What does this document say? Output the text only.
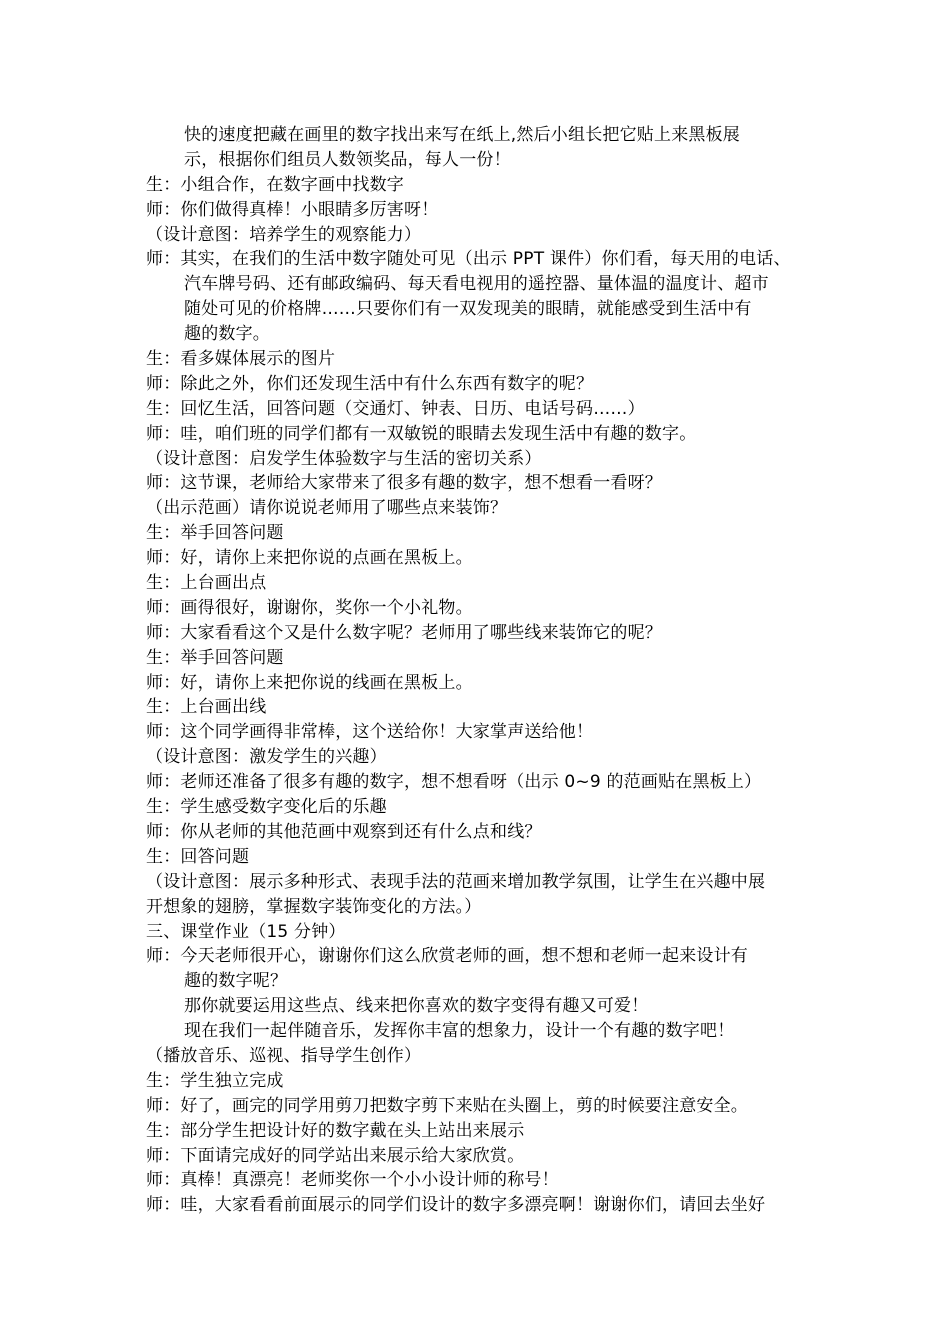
快的速度把藏在画里的数字找出来写在纸上,然后小组长把它贴上来黑板展
示，根据你们组员人数领奖品，每人一份！
生：小组合作，在数字画中找数字
师：你们做得真棒！小眼睛多厉害呀！
（设计意图：培养学生的观察能力）
师：其实，在我们的生活中数字随处可见（出示 PPT 课件）你们看，每天用的电话、
汽车牌号码、还有邮政编码、每天看电视用的遥控器、量体温的温度计、超市
随处可见的价格牌……只要你们有一双发现美的眼睛，就能感受到生活中有
趣的数字。
生：看多媒体展示的图片
师：除此之外，你们还发现生活中有什么东西有数字的呢？
生：回忆生活，回答问题（交通灯、钟表、日历、电话号码……）
师：哇，咱们班的同学们都有一双敏锐的眼睛去发现生活中有趣的数字。
（设计意图：启发学生体验数字与生活的密切关系）
师：这节课，老师给大家带来了很多有趣的数字，想不想看一看呀？
（出示范画）请你说说老师用了哪些点来装饰？
生：举手回答问题
师：好，请你上来把你说的点画在黑板上。
生：上台画出点
师：画得很好，谢谢你，奖你一个小礼物。
师：大家看看这个又是什么数字呢？老师用了哪些线来装饰它的呢？
生：举手回答问题
师：好，请你上来把你说的线画在黑板上。
生：上台画出线
师：这个同学画得非常棒，这个送给你！大家掌声送给他！
（设计意图：激发学生的兴趣）
师：老师还准备了很多有趣的数字，想不想看呀（出示 0~9 的范画贴在黑板上）
生：学生感受数字变化后的乐趣
师：你从老师的其他范画中观察到还有什么点和线？
生：回答问题
（设计意图：展示多种形式、表现手法的范画来增加教学氛围，让学生在兴趣中展
开想象的翅膀，掌握数字装饰变化的方法。）
三、课堂作业（15 分钟）
师：今天老师很开心，谢谢你们这么欣赏老师的画，想不想和老师一起来设计有
趣的数字呢？
那你就要运用这些点、线来把你喜欢的数字变得有趣又可爱！
现在我们一起伴随音乐，发挥你丰富的想象力，设计一个有趣的数字吧！
（播放音乐、巡视、指导学生创作）
生：学生独立完成
师：好了，画完的同学用剪刀把数字剪下来贴在头圈上，剪的时候要注意安全。
生：部分学生把设计好的数字戴在头上站出来展示
师：下面请完成好的同学站出来展示给大家欣赏。
师：真棒！真漂亮！老师奖你一个小小设计师的称号！
师：哇，大家看看前面展示的同学们设计的数字多漂亮啊！谢谢你们，请回去坐好
